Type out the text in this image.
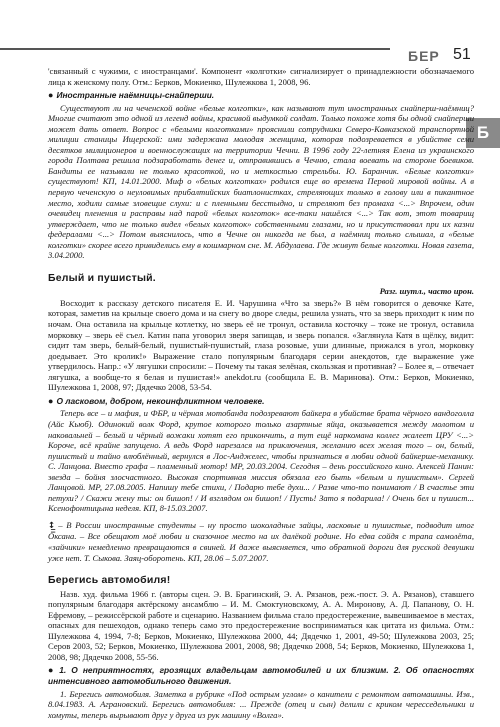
БЕР 51
Б

'связанный с чужими, с иностранцами'. Компонент «колготки» сигнализирует о принадлежности обозначаемого лица к женскому полу. Отм.: Берков, Мокиенко, Шулежкова 1, 2008, 96.

● Иностранные наёмницы-снайперши.

Существуют ли на чеченской войне «белые колготки», как называют тут иностранных снайперш-наёмниц? Многие считают это одной из легенд войны, красивой выдумкой солдат. Только похоже хотя бы одной снайперши может дать ответ. Вопрос с «белыми колготками» прояснили сотрудники Северо-Кавказской транспортной милиции станицы Ищерской: ими задержана молодая женщина, которая подозревается в убийстве семи десятков милиционеров и военнослужащих на территории Чечни. В 1996 году 22-летняя Елена из украинского города Полтава решила подзаработать денег и, отправившись в Чечню, стала воевать на стороне боевиков. Бандиты ее называли не только красоткой, но и меткостью стрельбы. Ю. Баранчик. «Белые колготки» существуют! КП, 14.01.2000. Миф о «белых колготках» родился еще во времена Первой мировой войны. А в первую чеченскую о неуловимых прибалтийских биатлонистках, стреляющих только в голову или в пикантное место, ходили самые зловещие слухи: и с пленными бесстыдно, и стреляют без промаха <...> Впрочем, один очевидец пленения и расправы над парой «белых колготок» все-таки нашёлся <...> Так вот, этот товарищ утверждает, что не только видел «белых колготок» собственными глазами, но и присутствовал при их казни федералами <...> Потом выяснилось, что в Чечне он никогда не был, а наёмниц только слышал, а «белые колготки» скорее всего привиделись ему в кошмарном сне. М. Абдулаева. Где живут белые колготки. Новая газета, 3.04.2000.

Белый и пушистый.
Разг. шутл., часто ирон.

Восходит к рассказу детского писателя Е. И. Чарушина «Что за зверь?» В нём говорится о девочке Кате, которая, заметив на крыльце своего дома и на снегу во дворе следы, решила узнать, что за зверь приходит к ним по ночам. Она оставила на крыльце котлетку, но зверь её не тронул, оставила косточку – тоже не тронул, оставила морковку – зверь её съел. Катин папа уговорил зверя запищав, и зверь попался. «Заглянула Катя в щёлку, видит: сидит там зверь, белый-белый, пушистый-пушистый, глаза розовые, уши длинные, прижался в угол, морковку доедывает. Это кролик!» Выражение стало популярным благодаря серии анекдотов, где выражение уже утвердилось. Напр.: «У лягушки спросили: – Почему ты такая зелёная, скользкая и противная? – Более я, – отвечает лягушка, а вообще-то я белая и пушистая!» anekdot.ru (сообщила Е. В. Маринова). Отм.: Берков, Мокиенко, Шулежкова 1, 2008, 97; Дядечко 2008, 53-54.

● О ласковом, добром, некоинфликтном человеке.

Теперь все – и мафия, и ФБР, и чёрная мотобанда подозревают байкера в убийстве брата чёрного вандоголла (Айс Кьюб). Одинокий волк Форд, крутое которого только азартные яйца, оказывается между молотом и наковальней – белый и чёрный вожаки хотят его прикончить, а тут ещё наркомана коллег жалеет ЦРУ <...> Короче, всё крайне запущено. А ведь Форд нарезался на приключения, желанию всех желая того – он, белый, пушистый и тайно влюблённый, вернулся в Лос-Анджелес, чтобы признаться в любви одной байкерше-механику. С. Ланцова. Вместо графа – пламенный мотор! МР, 20.03.2004. Сегодня – день российского кино. Алексей Панин: звезда – бойня злосчастного. Высокая спортивная миссия обязала его быть «белым и пушистым». Сергей Ланцовой. МР, 27.08.2005. Напишу тебе стихи, / Подарю тебе духи... / Разве что-то понимают / В счастье эти петухи? / Скажи жену ты: он бишоп! / И взглядом он бишоп! / Пусть! Зато я подарила! / Очень бел и пушист... Ксенофонтицына неделя. КП, 8-15.03.2007.

↕̲̲ – В России иностранные студенты – ну просто шоколадные зайцы, ласковые и пушистые, подводит итог Оксана. – Все обещают моё любви и сказочное место на их далёкой родине. Но едва сойдя с трапа самолёта, «зайчики» немедленно превращаются в свиней. И даже выясняется, что обратной дороги для русской девушки уже нет. Т. Сыкова. Заяц-оборотень. КП, 28.06 – 5.07.2007.

Берегись автомобиля!

Назв. худ. фильма 1966 г. (авторы сцен. Э. В. Брагинский, Э. А. Рязанов, реж.-пост. Э. А. Рязанов), ставшего популярным благодаря актёрскому ансамблю – И. М. Смоктуновскому, А. А. Миронову, А. Д. Папанову, О. Н. Ефремову, – режиссёрской работе и сценарию. Названием фильма стало предостережение, вывешиваемое в местах, опасных для пешеходов, однако теперь само это предостережение восприниматься как цитата из фильма. Отм.: Шулежкова 4, 1994, 7-8; Берков, Мокиенко, Шулежкова 2000, 44; Дядечко 1, 2001, 49-50; Шулежкова 2003, 25; Серов 2003, 52; Берков, Мокиенко, Шулежкова 2001, 2008, 98; Дядечко 2008, 54; Берков, Мокиенко, Шулежкова 1, 2008, 98; Дядечко 2008, 55-56.

● 1. О неприятностях, грозящих владельцам автомобилей и их близким. 2. Об опасностях интенсивного автомобильного движения.

1. Берегись автомобиля. Заметка в рубрике «Под острым углом» о канители с ремонтом автомашины. Изв., 8.04.1983. А. Аграновский. Берегись автомобиля: ... Прежде (отец и сын) делили с криком чересседельники и хомуты, теперь вырывают друг у друга из рук машину «Волга».
